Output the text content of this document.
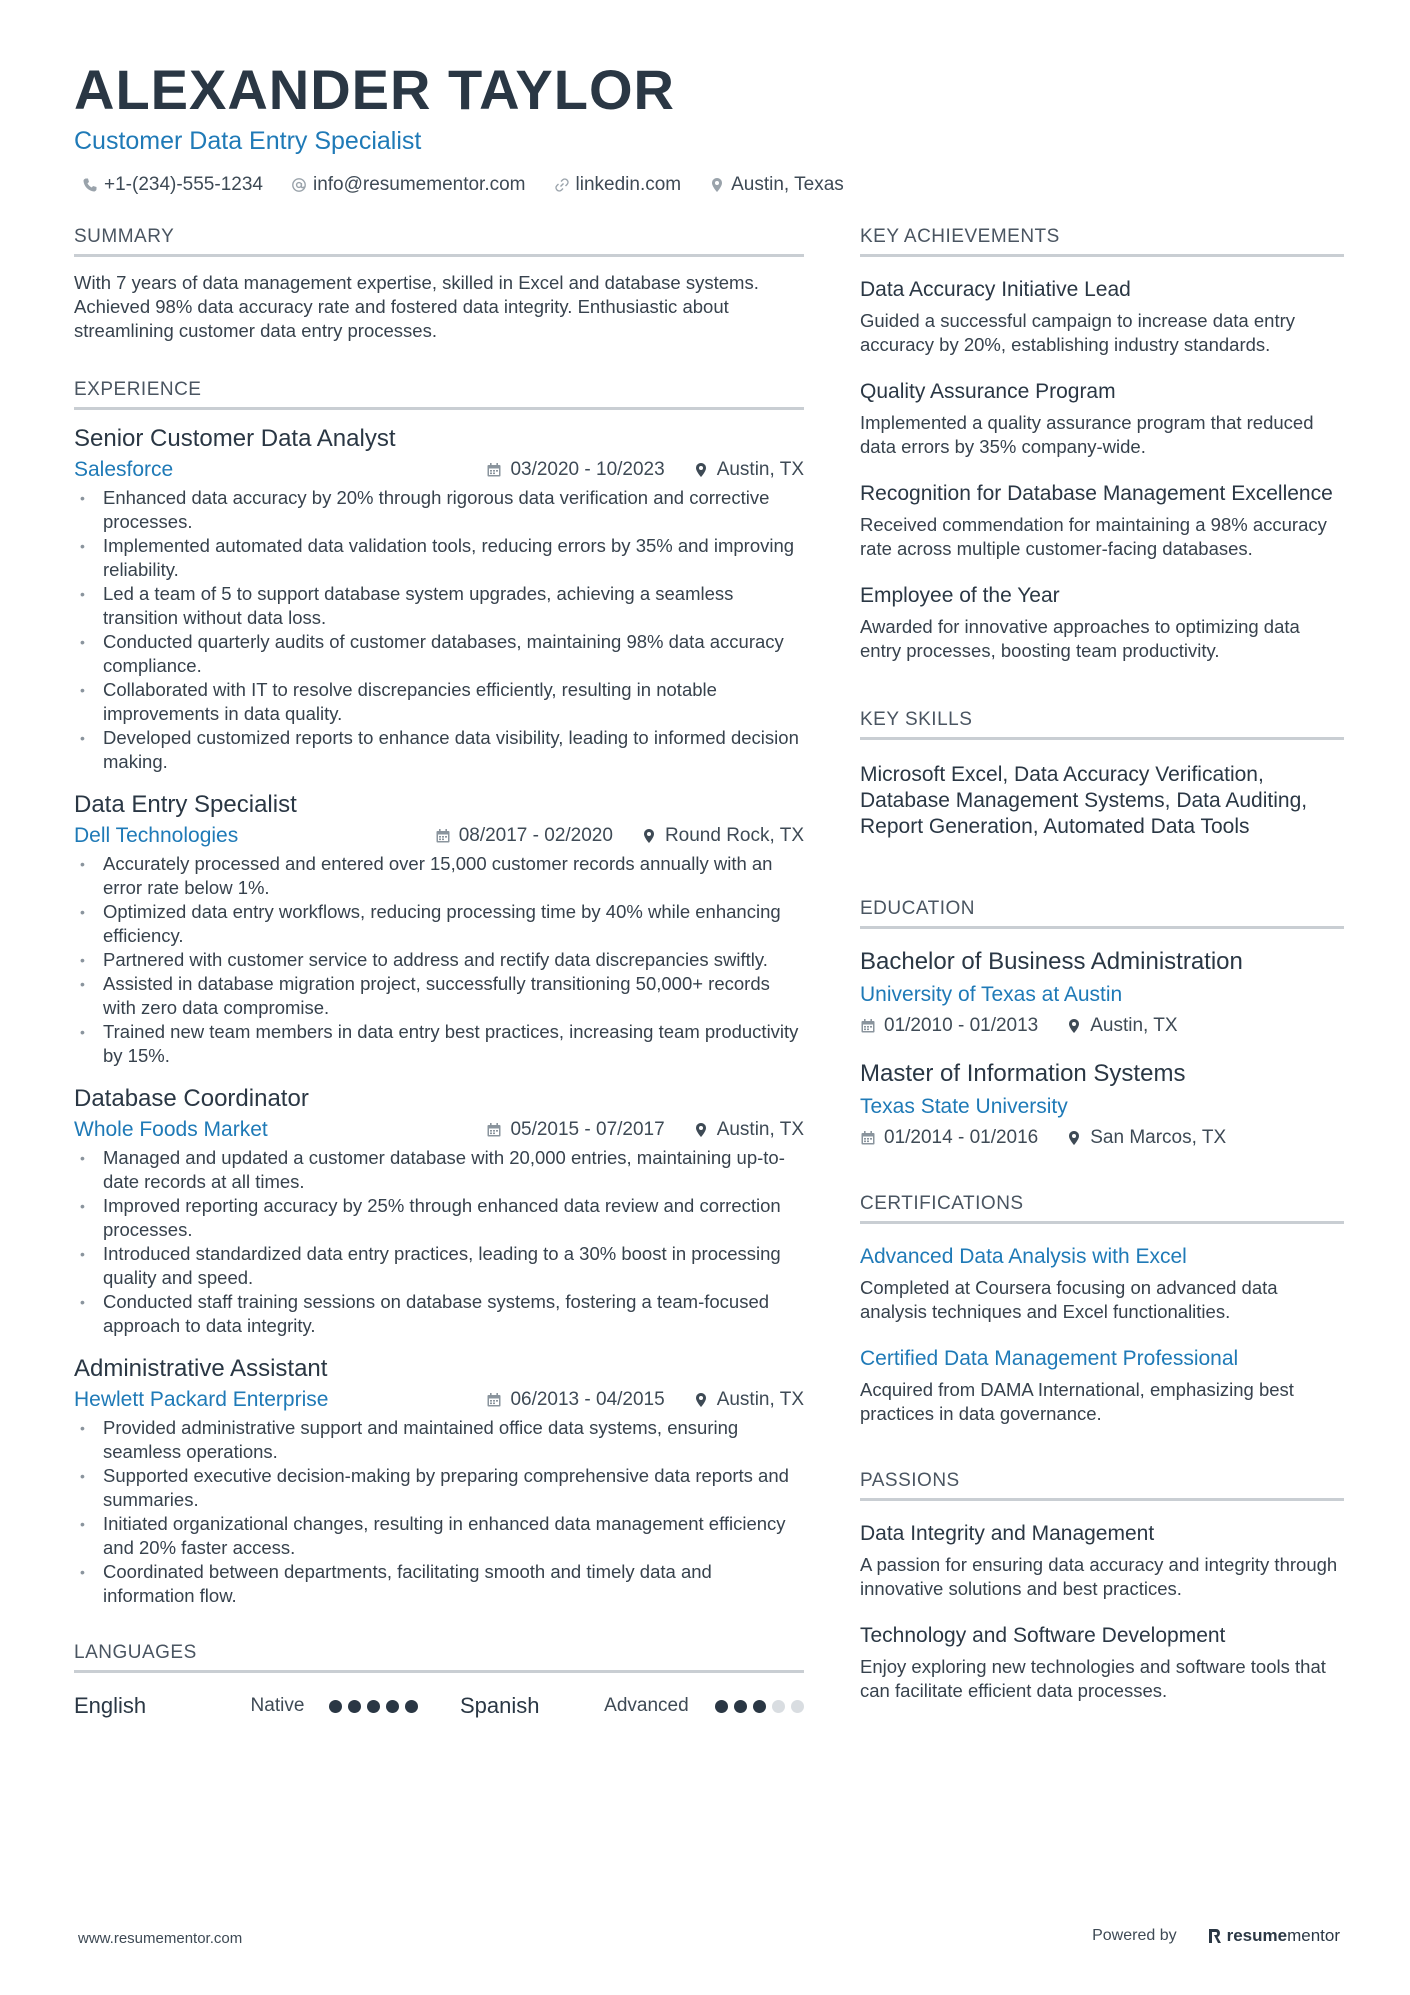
ALEXANDER TAYLOR
Customer Data Entry Specialist
+1-(234)-555-1234	info@resumementor.com	linkedin.com	Austin, Texas
SUMMARY

With 7 years of data management expertise, skilled in Excel and database systems. Achieved 98% data accuracy rate and fostered data integrity. Enthusiastic about streamlining customer data entry processes.

EXPERIENCE
Senior Customer Data Analyst
Salesforce	03/2020 - 10/2023	Austin, TX
• Enhanced data accuracy by 20% through rigorous data verification and corrective processes.
• Implemented automated data validation tools, reducing errors by 35% and improving reliability.
• Led a team of 5 to support database system upgrades, achieving a seamless transition without data loss.
• Conducted quarterly audits of customer databases, maintaining 98% data accuracy compliance.
• Collaborated with IT to resolve discrepancies efficiently, resulting in notable improvements in data quality.
• Developed customized reports to enhance data visibility, leading to informed decision making.
Data Entry Specialist
Dell Technologies	08/2017 - 02/2020	Round Rock, TX
• Accurately processed and entered over 15,000 customer records annually with an error rate below 1%.
• Optimized data entry workflows, reducing processing time by 40% while enhancing efficiency.
• Partnered with customer service to address and rectify data discrepancies swiftly.
• Assisted in database migration project, successfully transitioning 50,000+ records with zero data compromise.
• Trained new team members in data entry best practices, increasing team productivity by 15%.
Database Coordinator
Whole Foods Market	05/2015 - 07/2017	Austin, TX
• Managed and updated a customer database with 20,000 entries, maintaining up-to-date records at all times.
• Improved reporting accuracy by 25% through enhanced data review and correction processes.
• Introduced standardized data entry practices, leading to a 30% boost in processing quality and speed.
• Conducted staff training sessions on database systems, fostering a team-focused approach to data integrity.
Administrative Assistant
Hewlett Packard Enterprise	06/2013 - 04/2015	Austin, TX
• Provided administrative support and maintained office data systems, ensuring seamless operations.
• Supported executive decision-making by preparing comprehensive data reports and summaries.
• Initiated organizational changes, resulting in enhanced data management efficiency and 20% faster access.
• Coordinated between departments, facilitating smooth and timely data and information flow.
LANGUAGES
English	Native	Spanish	Advanced
KEY ACHIEVEMENTS
Data Accuracy Initiative Lead
Guided a successful campaign to increase data entry accuracy by 20%, establishing industry standards.
Quality Assurance Program
Implemented a quality assurance program that reduced data errors by 35% company-wide.
Recognition for Database Management Excellence
Received commendation for maintaining a 98% accuracy rate across multiple customer-facing databases.
Employee of the Year
Awarded for innovative approaches to optimizing data entry processes, boosting team productivity.
KEY SKILLS
Microsoft Excel, Data Accuracy Verification, Database Management Systems, Data Auditing, Report Generation, Automated Data Tools
EDUCATION
Bachelor of Business Administration
University of Texas at Austin
01/2010 - 01/2013	Austin, TX
Master of Information Systems
Texas State University
01/2014 - 01/2016	San Marcos, TX
CERTIFICATIONS
Advanced Data Analysis with Excel
Completed at Coursera focusing on advanced data analysis techniques and Excel functionalities.
Certified Data Management Professional
Acquired from DAMA International, emphasizing best practices in data governance.
PASSIONS
Data Integrity and Management
A passion for ensuring data accuracy and integrity through innovative solutions and best practices.
Technology and Software Development
Enjoy exploring new technologies and software tools that can facilitate efficient data processes.
www.resumementor.com	Powered by	resume mentor
